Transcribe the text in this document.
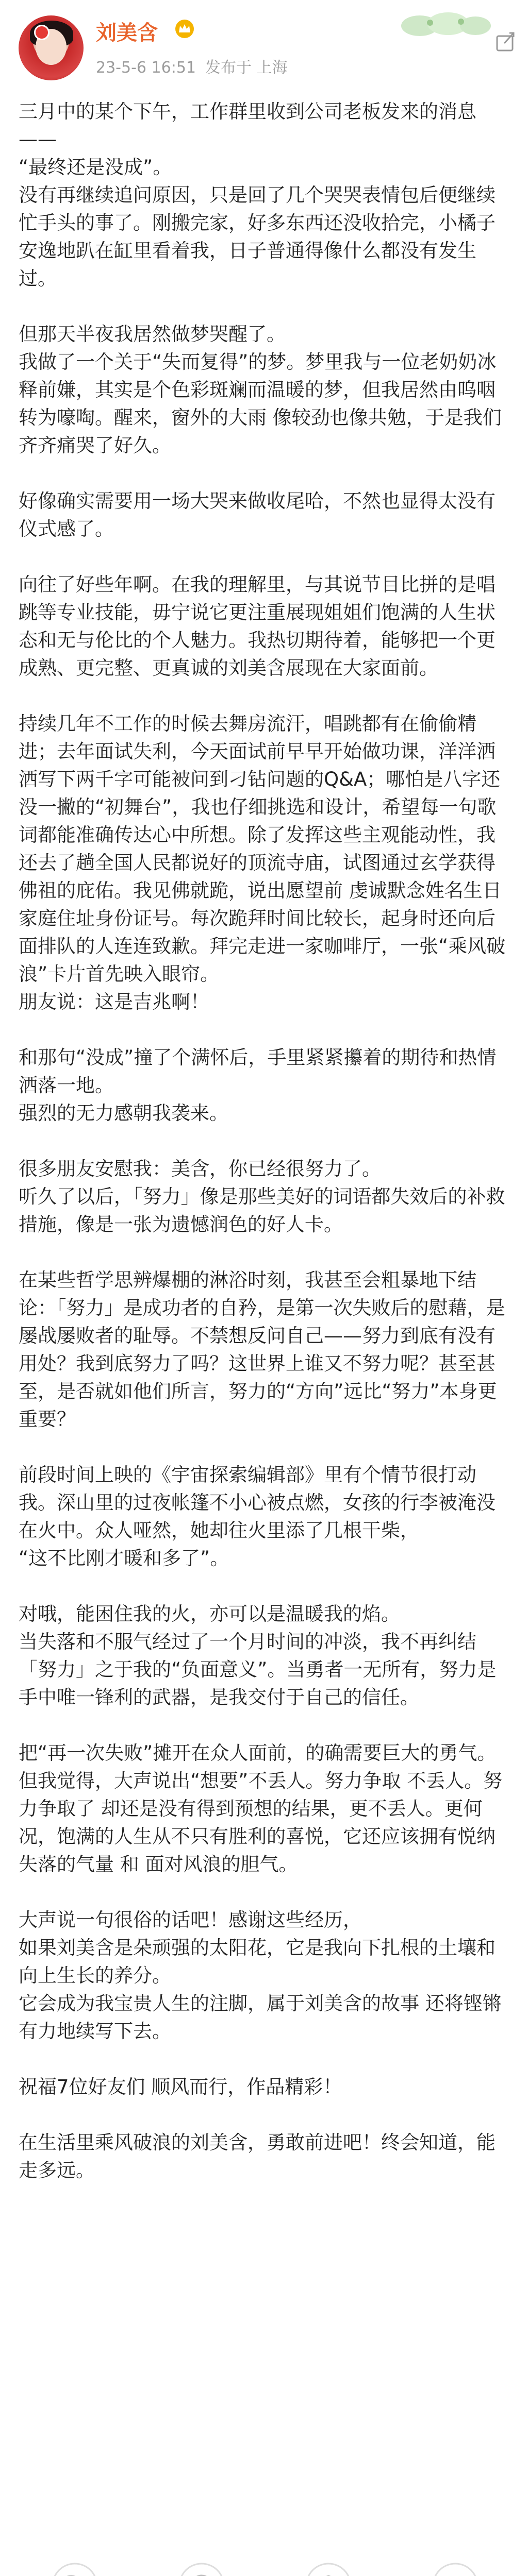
刘美含
23-5-6 16:51 发布于 上海

三月中的某个下午，工作群里收到公司老板发来的消息——
“最终还是没成”。
没有再继续追问原因，只是回了几个哭哭表情包后便继续忙手头的事了。刚搬完家，好多东西还没收拾完，小橘子安逸地趴在缸里看着我，日子普通得像什么都没有发生过。

但那天半夜我居然做梦哭醒了。
我做了一个关于“失而复得”的梦。梦里我与一位老奶奶冰释前嫌，其实是个色彩斑斓而温暖的梦，但我居然由呜咽转为嚎啕。醒来，窗外的大雨 像较劲也像共勉，于是我们齐齐痛哭了好久。

好像确实需要用一场大哭来做收尾哈，不然也显得太没有仪式感了。

向往了好些年啊。在我的理解里，与其说节目比拼的是唱跳等专业技能，毋宁说它更注重展现姐姐们饱满的人生状态和无与伦比的个人魅力。我热切期待着，能够把一个更成熟、更完整、更真诚的刘美含展现在大家面前。

持续几年不工作的时候去舞房流汗，唱跳都有在偷偷精进；去年面试失利，今天面试前早早开始做功课，洋洋洒洒写下两千字可能被问到刁钻问题的Q&A；哪怕是八字还没一撇的“初舞台”，我也仔细挑选和设计，希望每一句歌词都能准确传达心中所想。除了发挥这些主观能动性，我还去了趟全国人民都说好的顶流寺庙，试图通过玄学获得佛祖的庇佑。我见佛就跪，说出愿望前 虔诚默念姓名生日家庭住址身份证号。每次跪拜时间比较长，起身时还向后面排队的人连连致歉。拜完走进一家咖啡厅，一张“乘风破浪”卡片首先映入眼帘。
朋友说：这是吉兆啊！

和那句“没成”撞了个满怀后，手里紧紧攥着的期待和热情洒落一地。
强烈的无力感朝我袭来。

很多朋友安慰我：美含，你已经很努力了。
听久了以后，「努力」像是那些美好的词语都失效后的补救措施，像是一张为遗憾润色的好人卡。

在某些哲学思辨爆棚的淋浴时刻，我甚至会粗暴地下结论：「努力」是成功者的自矜，是第一次失败后的慰藉，是屡战屡败者的耻辱。不禁想反问自己——努力到底有没有用处？我到底努力了吗？这世界上谁又不努力呢？甚至甚至，是否就如他们所言，努力的“方向”远比“努力”本身更重要？

前段时间上映的《宇宙探索编辑部》里有个情节很打动我。深山里的过夜帐篷不小心被点燃，女孩的行李被淹没在火中。众人哑然，她却往火里添了几根干柴，
“这不比刚才暖和多了”。

对哦，能困住我的火，亦可以是温暖我的焰。
当失落和不服气经过了一个月时间的冲淡，我不再纠结「努力」之于我的“负面意义”。当勇者一无所有，努力是手中唯一锋利的武器，是我交付于自己的信任。

把“再一次失败”摊开在众人面前，的确需要巨大的勇气。
但我觉得，大声说出“想要”不丢人。努力争取 不丢人。努力争取了 却还是没有得到预想的结果，更不丢人。更何况，饱满的人生从不只有胜利的喜悦，它还应该拥有悦纳失落的气量 和 面对风浪的胆气。

大声说一句很俗的话吧！感谢这些经历，
如果刘美含是朵顽强的太阳花，它是我向下扎根的土壤和向上生长的养分。
它会成为我宝贵人生的注脚，属于刘美含的故事 还将铿锵有力地续写下去。

祝福7位好友们 顺风而行，作品精彩！

在生活里乘风破浪的刘美含，勇敢前进吧！终会知道，能走多远。
